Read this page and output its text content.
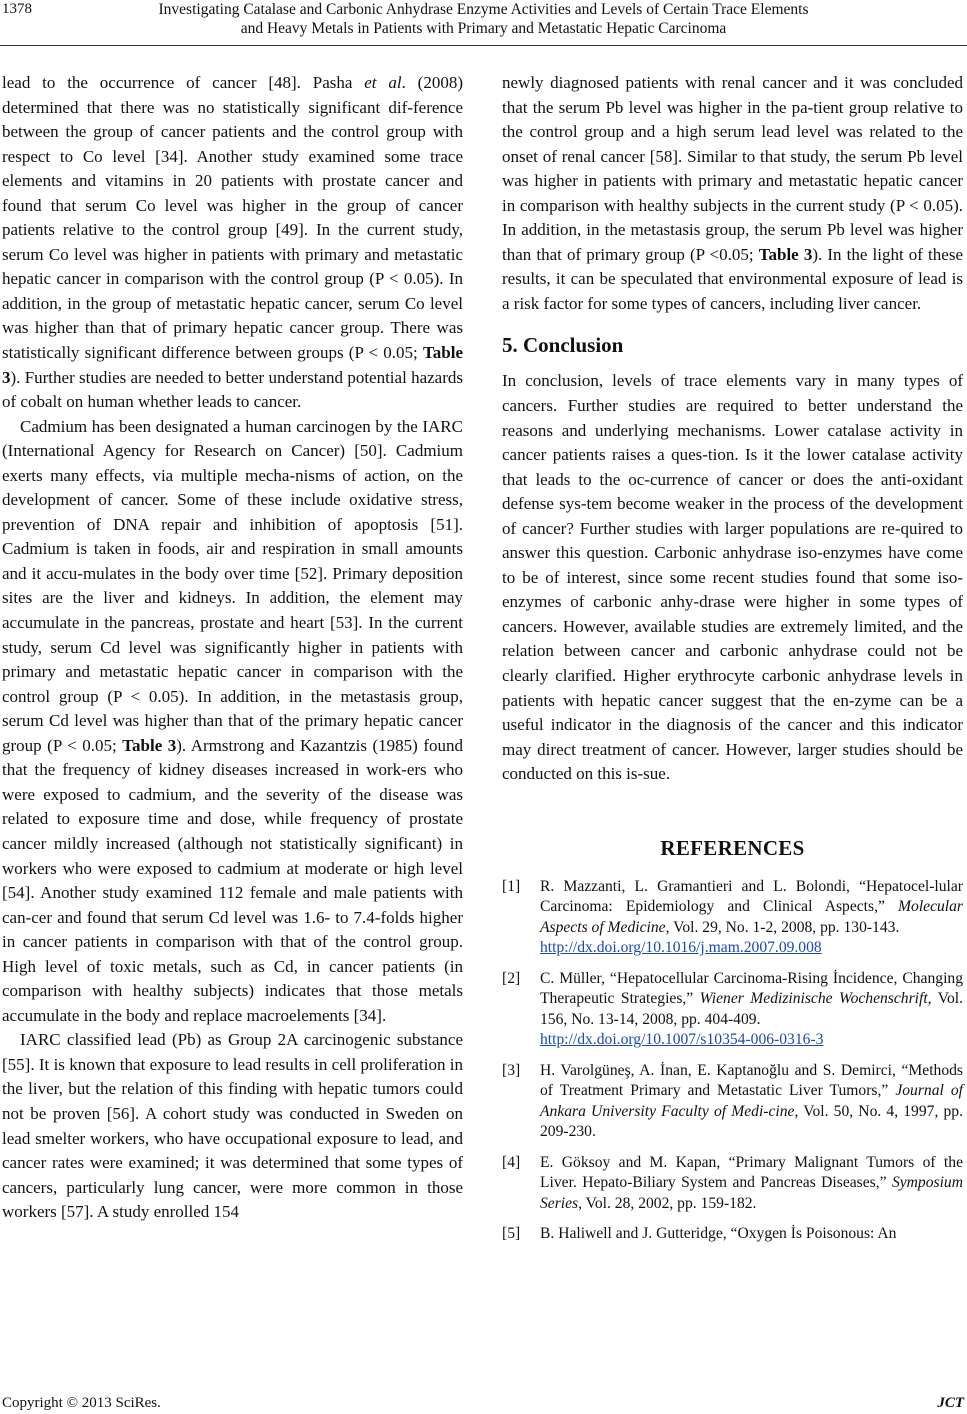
1378	Investigating Catalase and Carbonic Anhydrase Enzyme Activities and Levels of Certain Trace Elements
and Heavy Metals in Patients with Primary and Metastatic Hepatic Carcinoma

lead to the occurrence of cancer [48]. Pasha et al. (2008) determined that there was no statistically significant dif-ference between the group of cancer patients and the control group with respect to Co level [34]. Another study examined some trace elements and vitamins in 20 patients with prostate cancer and found that serum Co level was higher in the group of cancer patients relative to the control group [49]. In the current study, serum Co level was higher in patients with primary and metastatic hepatic cancer in comparison with the control group (P < 0.05). In addition, in the group of metastatic hepatic cancer, serum Co level was higher than that of primary hepatic cancer group. There was statistically significant difference between groups (P < 0.05; Table 3). Further studies are needed to better understand potential hazards of cobalt on human whether leads to cancer.

Cadmium has been designated a human carcinogen by the IARC (International Agency for Research on Cancer) [50]. Cadmium exerts many effects, via multiple mecha-nisms of action, on the development of cancer. Some of these include oxidative stress, prevention of DNA repair and inhibition of apoptosis [51]. Cadmium is taken in foods, air and respiration in small amounts and it accu-mulates in the body over time [52]. Primary deposition sites are the liver and kidneys. In addition, the element may accumulate in the pancreas, prostate and heart [53]. In the current study, serum Cd level was significantly higher in patients with primary and metastatic hepatic cancer in comparison with the control group (P < 0.05). In addition, in the metastasis group, serum Cd level was higher than that of the primary hepatic cancer group (P < 0.05; Table 3). Armstrong and Kazantzis (1985) found that the frequency of kidney diseases increased in work-ers who were exposed to cadmium, and the severity of the disease was related to exposure time and dose, while frequency of prostate cancer mildly increased (although not statistically significant) in workers who were exposed to cadmium at moderate or high level [54]. Another study examined 112 female and male patients with can-cer and found that serum Cd level was 1.6- to 7.4-folds higher in cancer patients in comparison with that of the control group. High level of toxic metals, such as Cd, in cancer patients (in comparison with healthy subjects) indicates that those metals accumulate in the body and replace macroelements [34].

IARC classified lead (Pb) as Group 2A carcinogenic substance [55]. It is known that exposure to lead results in cell proliferation in the liver, but the relation of this finding with hepatic tumors could not be proven [56]. A cohort study was conducted in Sweden on lead smelter workers, who have occupational exposure to lead, and cancer rates were examined; it was determined that some types of cancers, particularly lung cancer, were more common in those workers [57]. A study enrolled 154

newly diagnosed patients with renal cancer and it was concluded that the serum Pb level was higher in the pa-tient group relative to the control group and a high serum lead level was related to the onset of renal cancer [58]. Similar to that study, the serum Pb level was higher in patients with primary and metastatic hepatic cancer in comparison with healthy subjects in the current study (P < 0.05). In addition, in the metastasis group, the serum Pb level was higher than that of primary group (P <0.05; Table 3). In the light of these results, it can be speculated that environmental exposure of lead is a risk factor for some types of cancers, including liver cancer.

5. Conclusion

In conclusion, levels of trace elements vary in many types of cancers. Further studies are required to better understand the reasons and underlying mechanisms. Lower catalase activity in cancer patients raises a ques-tion. Is it the lower catalase activity that leads to the oc-currence of cancer or does the anti-oxidant defense sys-tem become weaker in the process of the development of cancer? Further studies with larger populations are re-quired to answer this question. Carbonic anhydrase iso-enzymes have come to be of interest, since some recent studies found that some iso-enzymes of carbonic anhy-drase were higher in some types of cancers. However, available studies are extremely limited, and the relation between cancer and carbonic anhydrase could not be clearly clarified. Higher erythrocyte carbonic anhydrase levels in patients with hepatic cancer suggest that the en-zyme can be a useful indicator in the diagnosis of the cancer and this indicator may direct treatment of cancer. However, larger studies should be conducted on this is-sue.

REFERENCES
[1]	R. Mazzanti, L. Gramantieri and L. Bolondi, “Hepatocel-lular Carcinoma: Epidemiology and Clinical Aspects,” Molecular Aspects of Medicine, Vol. 29, No. 1-2, 2008, pp. 130-143.
http://dx.doi.org/10.1016/j.mam.2007.09.008
[2]	C. Müller, “Hepatocellular Carcinoma-Rising İncidence, Changing Therapeutic Strategies,” Wiener Medizinische Wochenschrift, Vol. 156, No. 13-14, 2008, pp. 404-409.
http://dx.doi.org/10.1007/s10354-006-0316-3
[3]	H. Varolgüneş, A. İnan, E. Kaptanoğlu and S. Demirci, “Methods of Treatment Primary and Metastatic Liver Tumors,” Journal of Ankara University Faculty of Medi-cine, Vol. 50, No. 4, 1997, pp. 209-230.
[4]	E. Göksoy and M. Kapan, “Primary Malignant Tumors of the Liver. Hepato-Biliary System and Pancreas Diseases,” Symposium Series, Vol. 28, 2002, pp. 159-182.
[5]	B. Haliwell and J. Gutteridge, “Oxygen İs Poisonous: An
Copyright © 2013 SciRes.	JCT
